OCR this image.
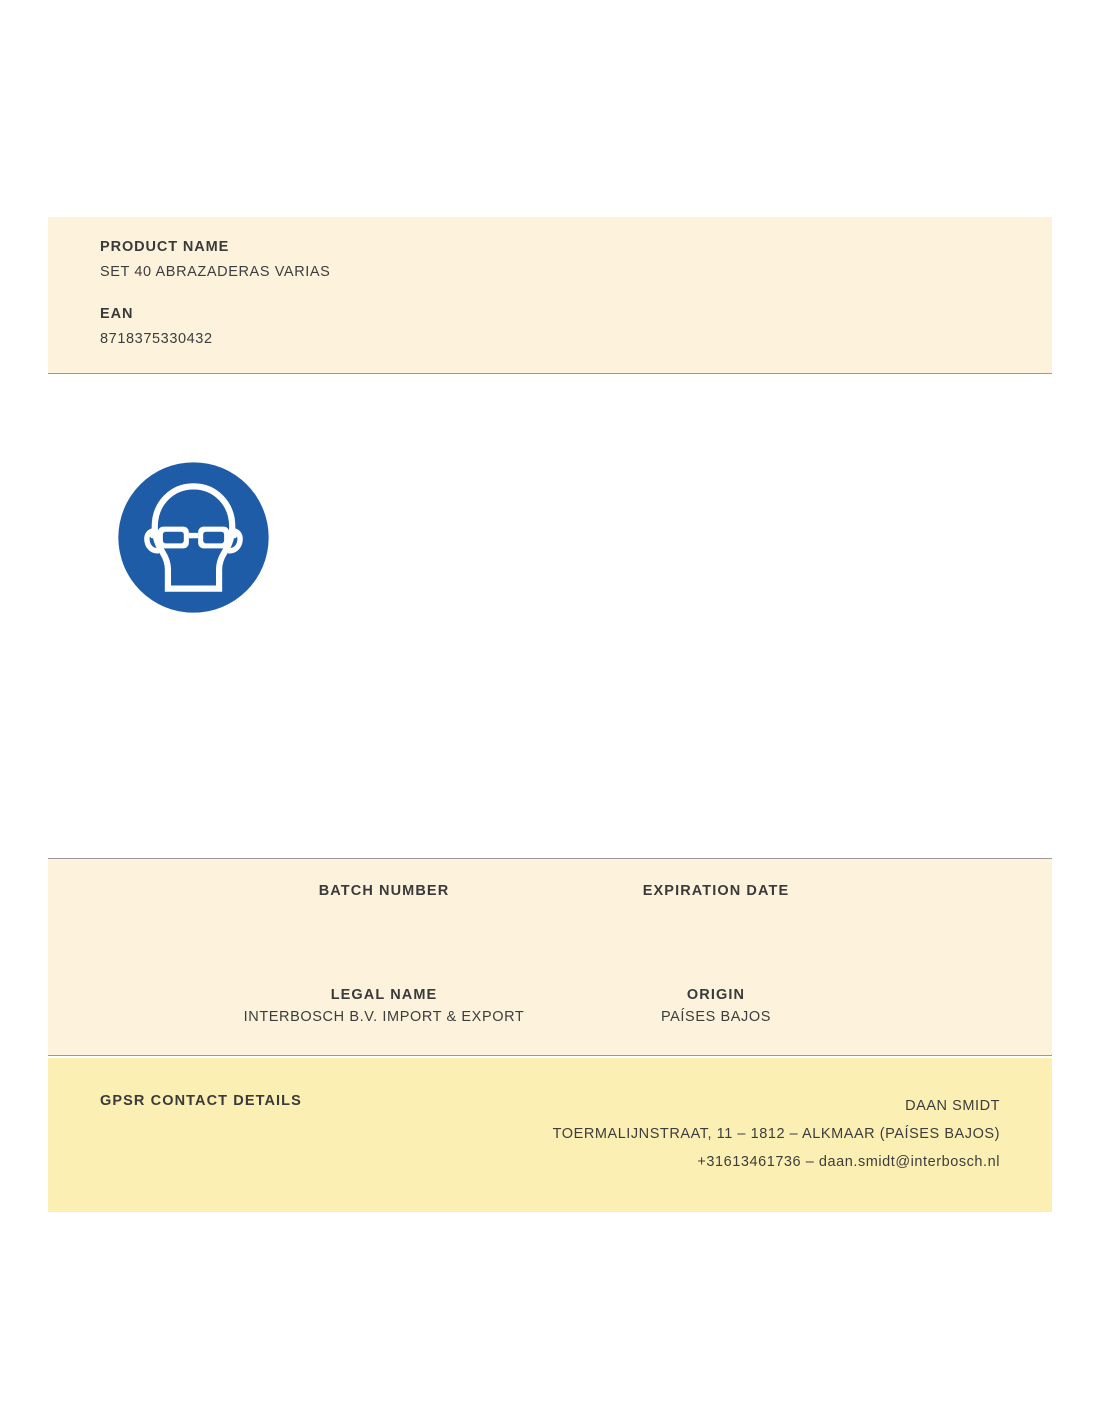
PRODUCT NAME

SET 40 ABRAZADERAS VARIAS

EAN

8718375330432

BATCH NUMBER	EXPIRATION DATE

LEGAL NAME

INTERBOSCH B.V. IMPORT & EXPORT

ORIGIN

PAÍSES BAJOS

GPSR CONTACT DETAILS	DAAN SMIDT
TOERMALIJNSTRAAT, 11 – 1812 – ALKMAAR (PAÍSES BAJOS)
+31613461736 – daan.smidt@interbosch.nl
